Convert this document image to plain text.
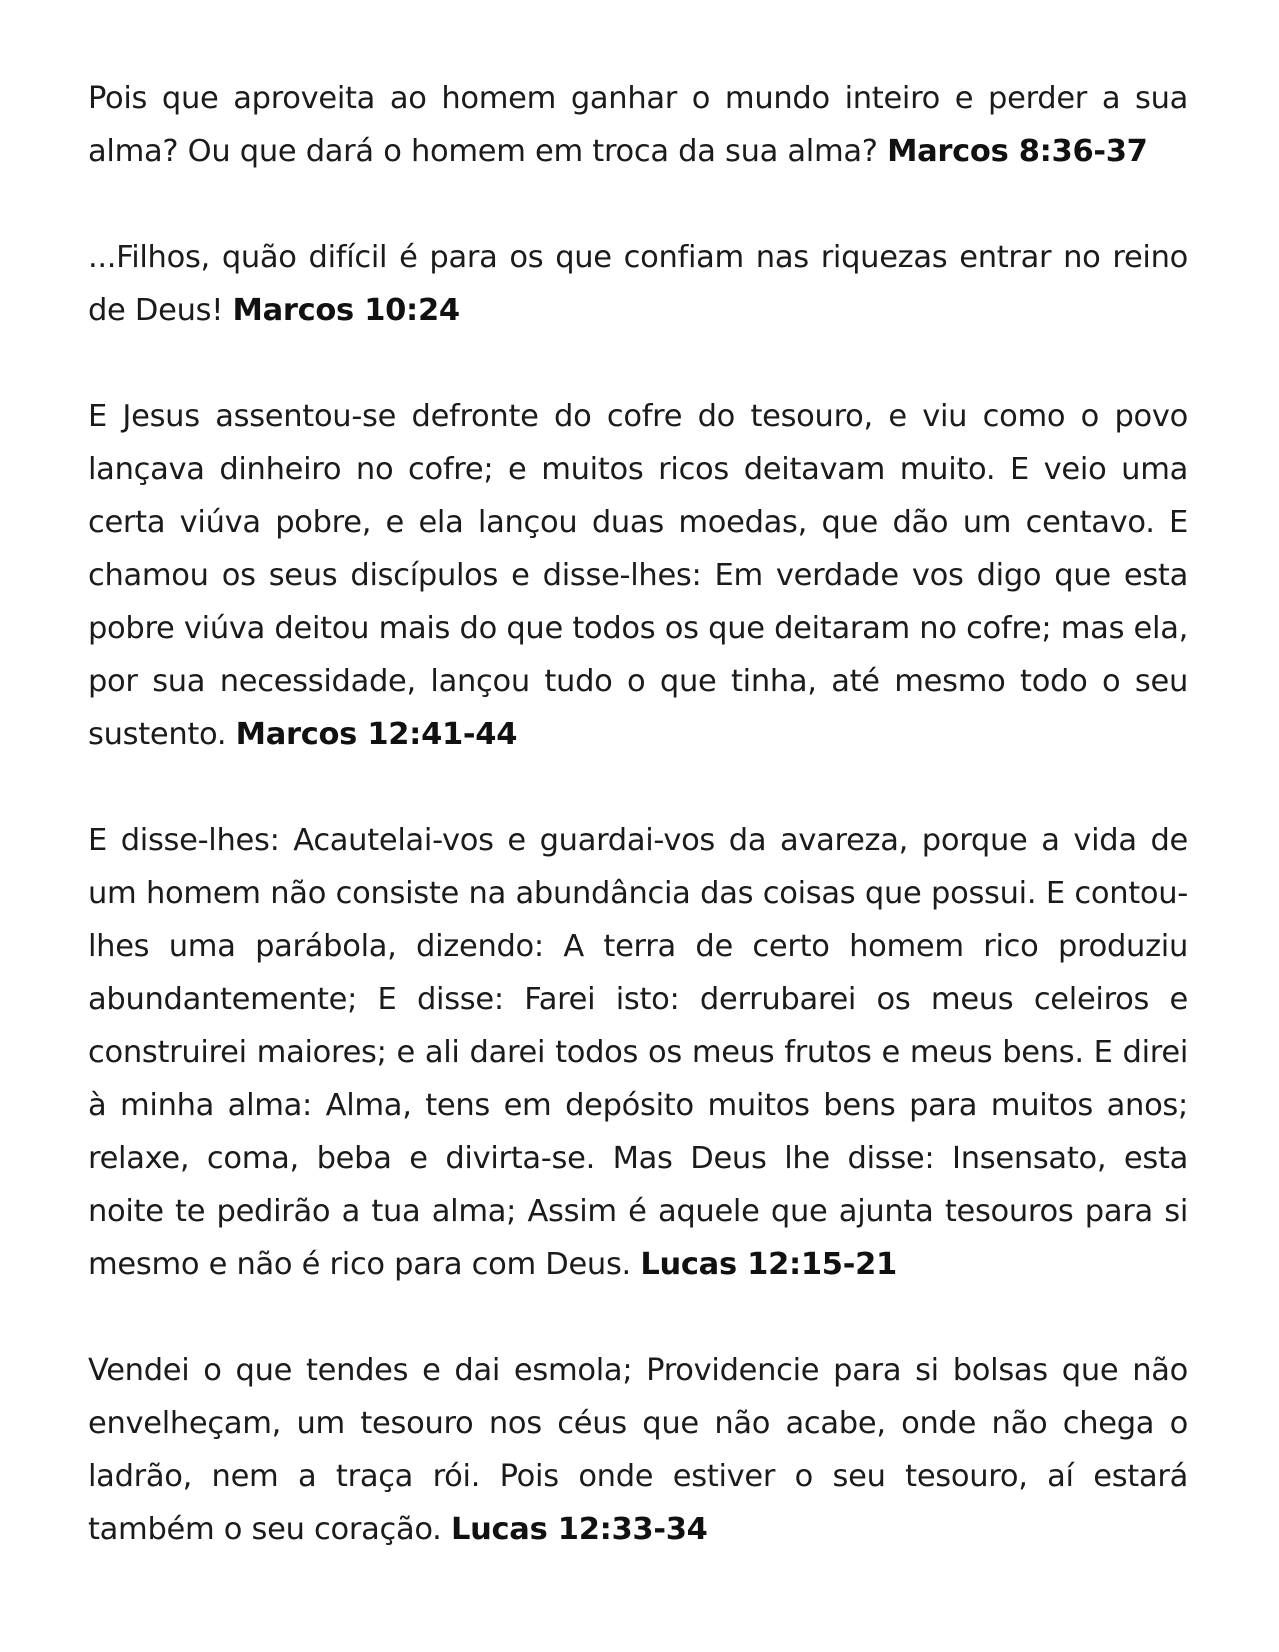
Pois que aproveita ao homem ganhar o mundo inteiro e perder a sua alma? Ou que dará o homem em troca da sua alma? Marcos 8:36-37

...Filhos, quão difícil é para os que confiam nas riquezas entrar no reino de Deus! Marcos 10:24

E Jesus assentou-se defronte do cofre do tesouro, e viu como o povo lançava dinheiro no cofre; e muitos ricos deitavam muito. E veio uma certa viúva pobre, e ela lançou duas moedas, que dão um centavo. E chamou os seus discípulos e disse-lhes: Em verdade vos digo que esta pobre viúva deitou mais do que todos os que deitaram no cofre; mas ela, por sua necessidade, lançou tudo o que tinha, até mesmo todo o seu sustento. Marcos 12:41-44

E disse-lhes: Acautelai-vos e guardai-vos da avareza, porque a vida de um homem não consiste na abundância das coisas que possui. E contou-lhes uma parábola, dizendo: A terra de certo homem rico produziu abundantemente; E disse: Farei isto: derrubarei os meus celeiros e construirei maiores; e ali darei todos os meus frutos e meus bens. E direi à minha alma: Alma, tens em depósito muitos bens para muitos anos; relaxe, coma, beba e divirta-se. Mas Deus lhe disse: Insensato, esta noite te pedirão a tua alma; Assim é aquele que ajunta tesouros para si mesmo e não é rico para com Deus. Lucas 12:15-21

Vendei o que tendes e dai esmola; Providencie para si bolsas que não envelheçam, um tesouro nos céus que não acabe, onde não chega o ladrão, nem a traça rói. Pois onde estiver o seu tesouro, aí estará também o seu coração. Lucas 12:33-34
